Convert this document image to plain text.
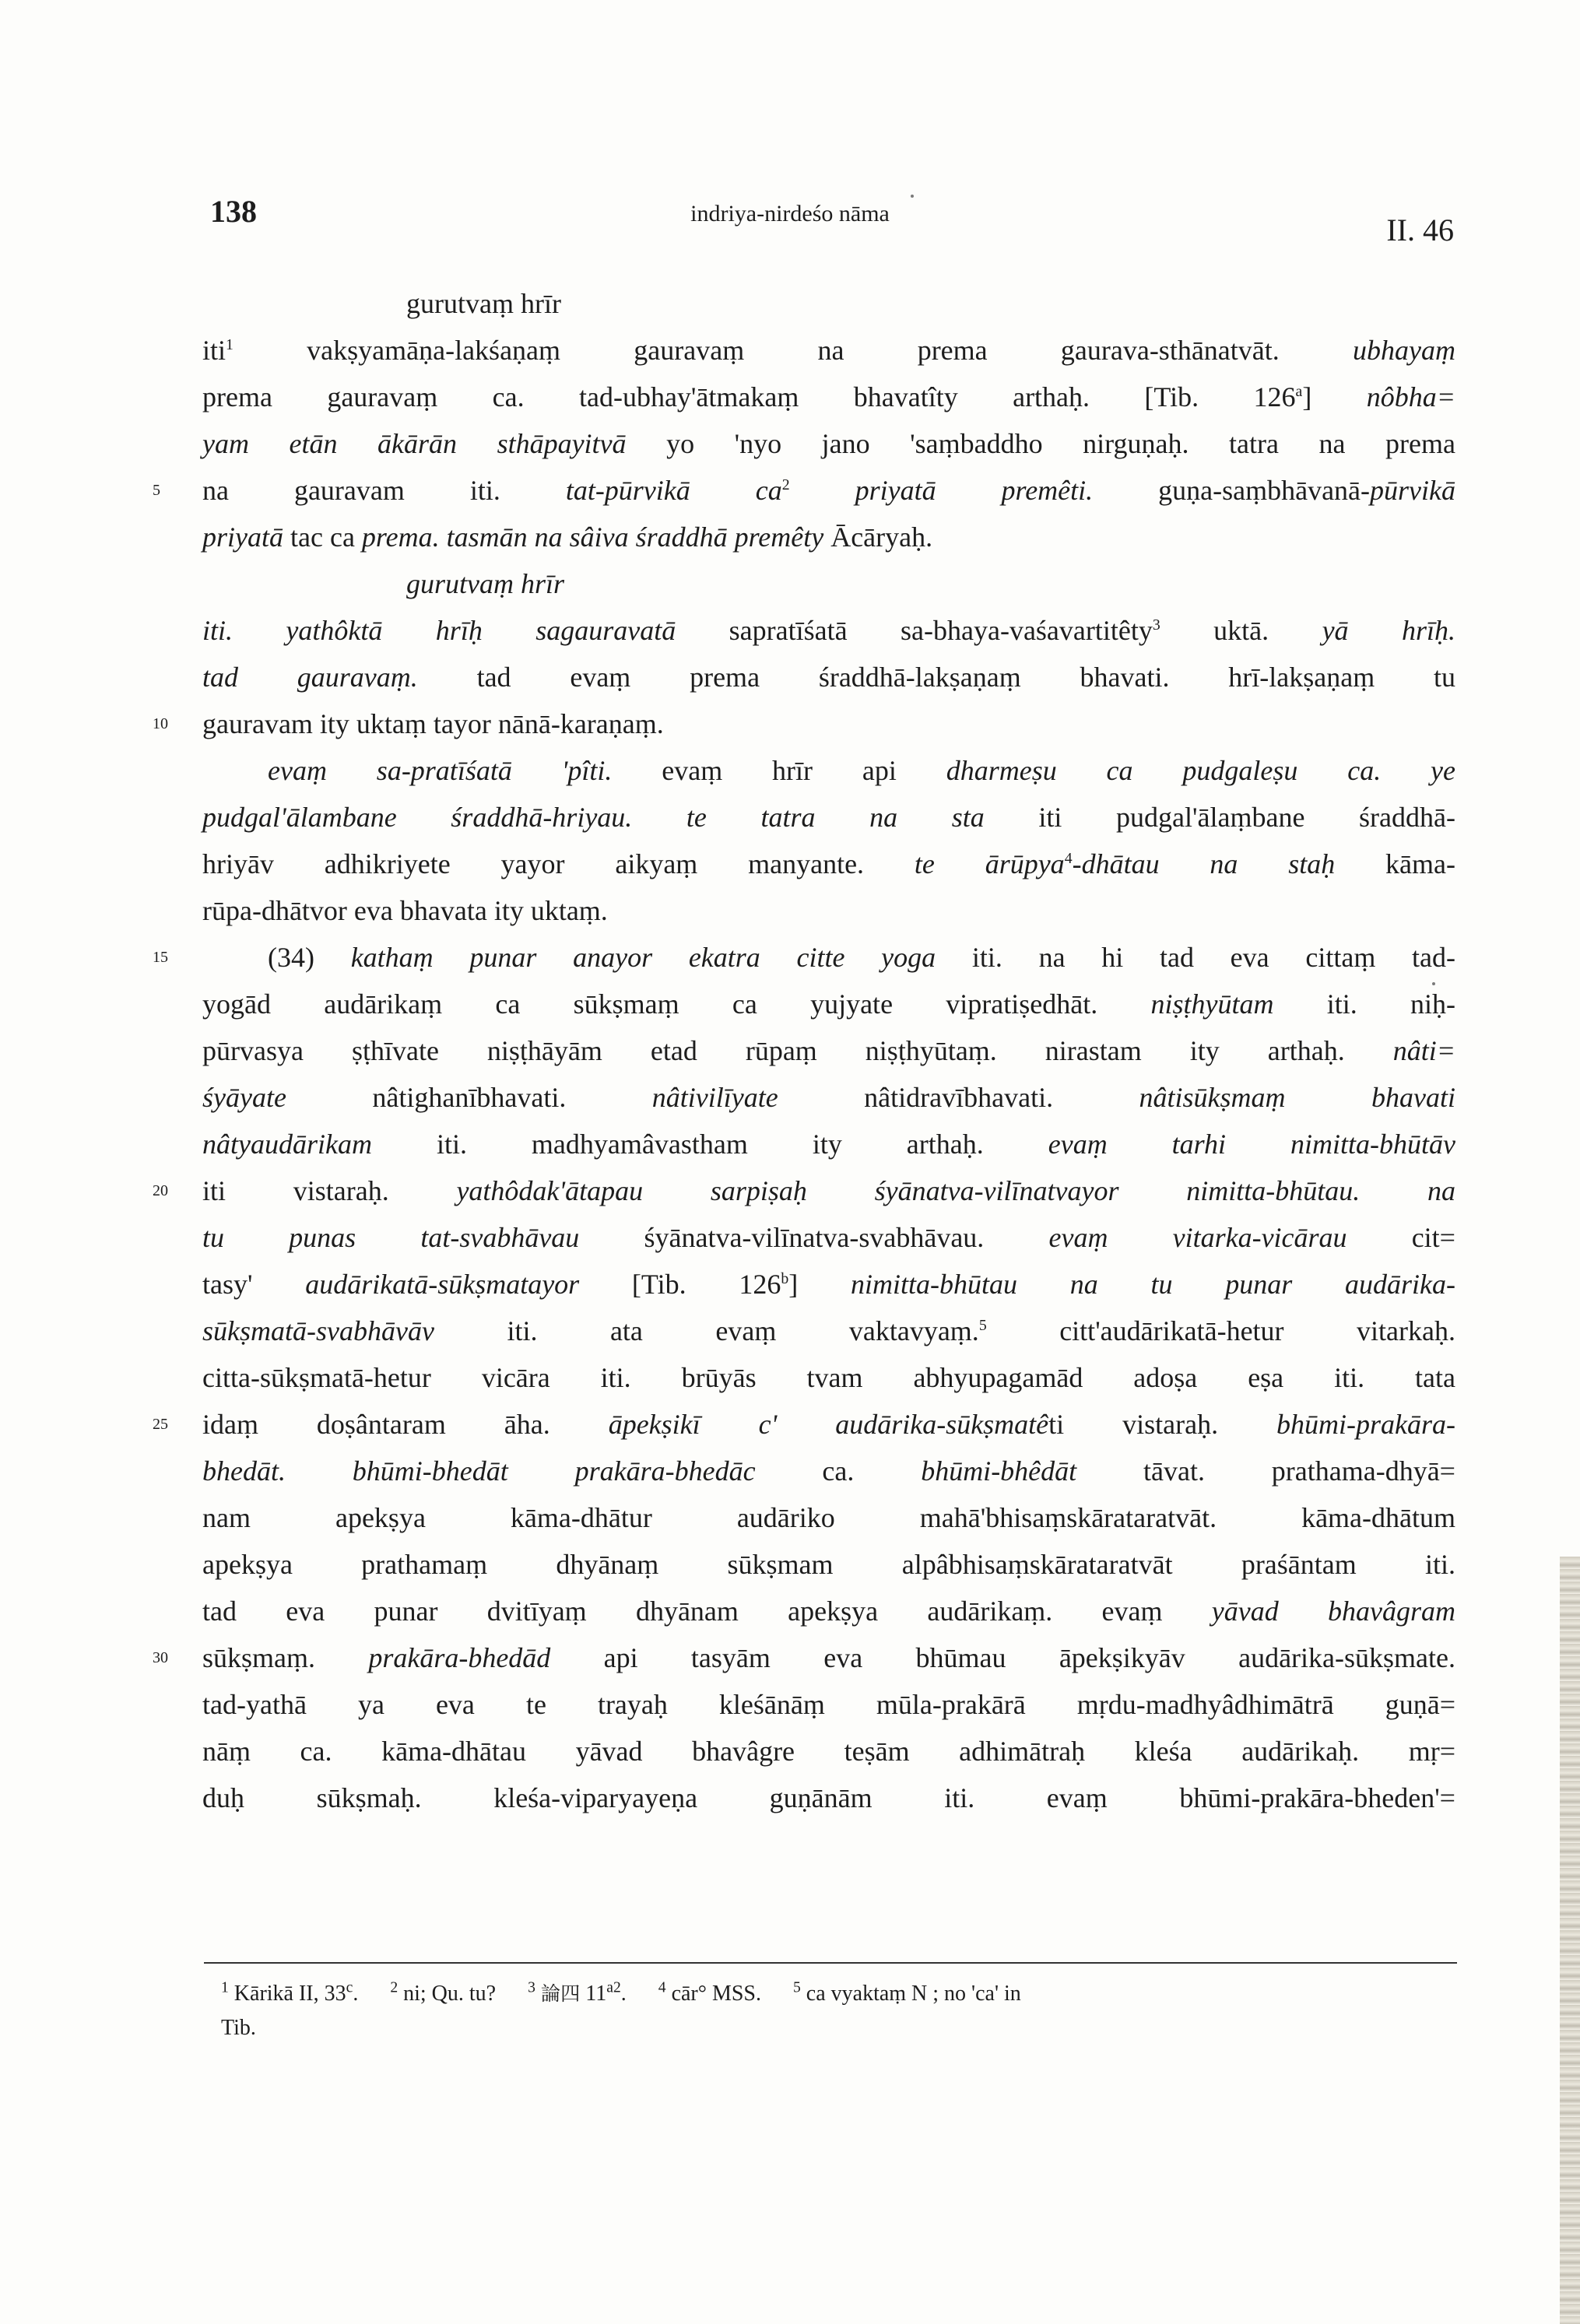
138	indriya-nirdeśo nāma	II. 46
gurutvaṃ hrīr
iti$^1$ vakṣyamāṇa-lakśaṇaṃ gauravaṃ na prema gaurava-sthānatvāt. ubhayaṃ
prema gauravaṃ ca. tad-ubhay'ātmakaṃ bhavatîty arthaḥ. [Tib. 126$^a$] nôbha=
yam etān ākārān sthāpayitvā yo 'nyo jano 'saṃbaddho nirguṇaḥ. tatra na prema
5	na gauravam iti. tat-pūrvikā $ca^2$ priyatā premêti. guṇa-saṃbhāvanā-pūrvikā
priyatā tac ca prema. tasmān na sâiva śraddhā premêty Ācāryaḥ.
gurutvaṃ hrīr
iti. yathôktā hrīḥ sagauravatā sapratīśatā sa-bhaya-vaśavartitêty$^3$ uktā. yā hrīḥ.
tad gauravaṃ. tad evaṃ prema śraddhā-lakṣaṇaṃ bhavati. hrī-lakṣaṇaṃ tu
10	gauravam ity uktaṃ tayor nānā-karaṇaṃ.
evaṃ sa-pratīśatā 'pîti. evaṃ hrīr api dharmeṣu ca pudgaleṣu ca. ye
pudgal'ālambane śraddhā-hriyau. te tatra na sta iti pudgal'ālaṃbane śraddhā-
hriyāv adhikriyete yayor aikyaṃ manyante. te ārūpya$^4$-dhātau na staḥ kāma-
rūpa-dhātvor eva bhavata ity uktaṃ.
15	(34) kathaṃ punar anayor ekatra citte yoga iti. na hi tad eva cittaṃ tad-
yogād audārikaṃ ca sūkṣmaṃ ca yujyate vipratiṣedhāt. niṣṭhyūtam iti. niḥ-
pūrvasya ṣṭhīvate niṣṭhāyām etad rūpaṃ niṣṭhyūtaṃ. nirastam ity arthaḥ. nâti=
śyāyate nâtighanībhavati. nâtivilīyate nâtidravībhavati. nâtisūkṣmaṃ bhavati
nâtyaudārikam iti. madhyamâvastham ity arthaḥ. evaṃ tarhi nimitta-bhūtāv
20	iti vistaraḥ. yathôdak'ātapau sarpiṣaḥ śyānatva-vilīnatvayor nimitta-bhūtau. na
tu punas tat-svabhāvau śyānatva-vilīnatva-svabhāvau. evaṃ vitarka-vicārau cit=
tasy' audārikatā-sūkṣmatayor [Tib. 126$^b$] nimitta-bhūtau na tu punar audārika-
sūkṣmatā-svabhāvāv iti. ata evaṃ vaktavyaṃ.$^5$ citt'audārikatā-hetur vitarkaḥ.
citta-sūkṣmatā-hetur vicāra iti. brūyās tvam abhyupagamād adoṣa eṣa iti. tata
25	idaṃ doṣântaram āha. āpekṣikī c' audārika-sūkṣmatêti vistaraḥ. bhūmi-prakāra-
bhedāt. bhūmi-bhedāt prakāra-bhedāc ca. bhūmi-bhêdāt tāvat. prathama-dhyā=
nam apekṣya kāma-dhātur audāriko mahā'bhisaṃskārataratvāt. kāma-dhātum
apekṣya prathamaṃ dhyānaṃ sūkṣmam alpâbhisaṃskārataratvāt praśāntam iti.
tad eva punar dvitīyaṃ dhyānam apekṣya audārikaṃ. evaṃ yāvad bhavâgram
30	sūkṣmaṃ. prakāra-bhedād api tasyām eva bhūmau āpekṣikyāv audārika-sūkṣmate.
tad-yathā ya eva te trayaḥ kleśānāṃ mūla-prakārā mṛdu-madhyâdhimātrā guṇā=
nāṃ ca. kāma-dhātau yāvad bhavâgre teṣām adhimātraḥ kleśa audārikaḥ. mṛ=
duḥ sūkṣmaḥ. kleśa-viparyayeṇa guṇānām iti. evaṃ bhūmi-prakāra-bheden'=
$^1$ Kārikā II, 33$^c$. $^2$ ni; Qu. tu? $^3$ 論四 $11^{a2}$. $^4$ cār° MSS. $^5$ ca vyaktaṃ N ; no 'ca' in
Tib.
